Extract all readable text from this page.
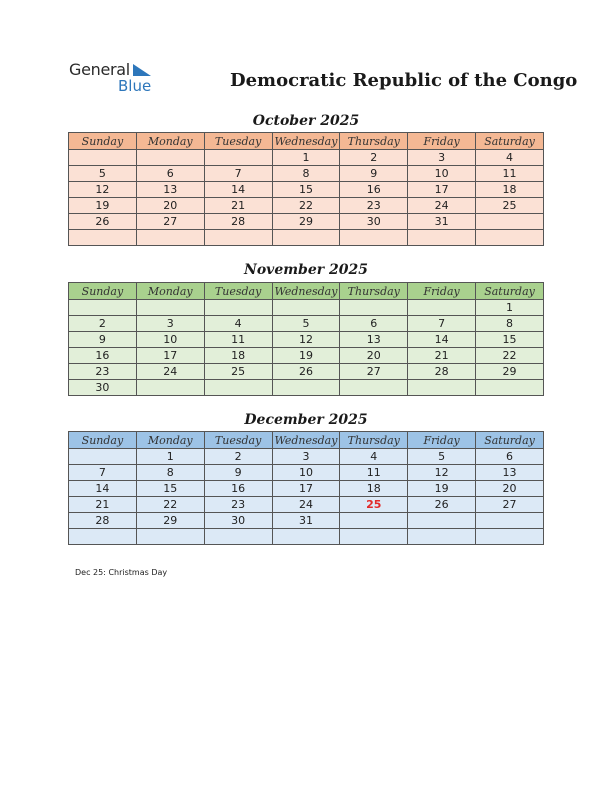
General
Blue	Democratic Republic of the Congo
October 2025
Sunday	Monday	Tuesday	Wednesday	Thursday	Friday	Saturday
			1	2	3	4
5	6	7	8	9	10	11
12	13	14	15	16	17	18
19	20	21	22	23	24	25
26	27	28	29	30	31	

November 2025
Sunday	Monday	Tuesday	Wednesday	Thursday	Friday	Saturday
						1
2	3	4	5	6	7	8
9	10	11	12	13	14	15
16	17	18	19	20	21	22
23	24	25	26	27	28	29
30						
December 2025
Sunday	Monday	Tuesday	Wednesday	Thursday	Friday	Saturday
	1	2	3	4	5	6
7	8	9	10	11	12	13
14	15	16	17	18	19	20
21	22	23	24	25	26	27
28	29	30	31			

Dec 25: Christmas Day
